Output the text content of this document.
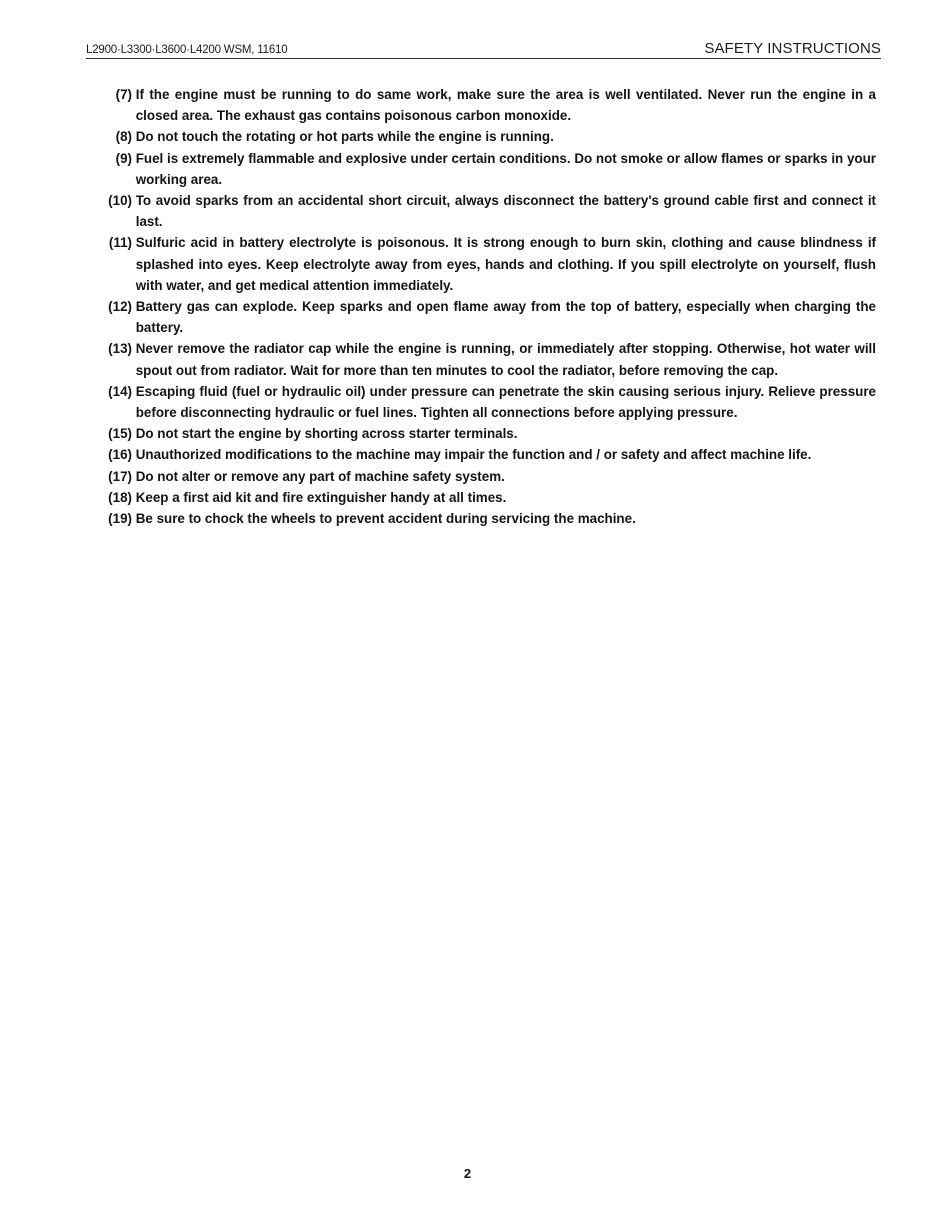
L2900·L3300·L3600·L4200 WSM, 11610	SAFETY INSTRUCTIONS
(7) If the engine must be running to do same work, make sure the area is well ventilated. Never run the engine in a closed area. The exhaust gas contains poisonous carbon monoxide.
(8) Do not touch the rotating or hot parts while the engine is running.
(9) Fuel is extremely flammable and explosive under certain conditions. Do not smoke or allow flames or sparks in your working area.
(10) To avoid sparks from an accidental short circuit, always disconnect the battery's ground cable first and connect it last.
(11) Sulfuric acid in battery electrolyte is poisonous. It is strong enough to burn skin, clothing and cause blindness if splashed into eyes. Keep electrolyte away from eyes, hands and clothing. If you spill electrolyte on yourself, flush with water, and get medical attention immediately.
(12) Battery gas can explode. Keep sparks and open flame away from the top of battery, especially when charging the battery.
(13) Never remove the radiator cap while the engine is running, or immediately after stopping. Otherwise, hot water will spout out from radiator. Wait for more than ten minutes to cool the radiator, before removing the cap.
(14) Escaping fluid (fuel or hydraulic oil) under pressure can penetrate the skin causing serious injury. Relieve pressure before disconnecting hydraulic or fuel lines. Tighten all connections before applying pressure.
(15) Do not start the engine by shorting across starter terminals.
(16) Unauthorized modifications to the machine may impair the function and / or safety and affect machine life.
(17) Do not alter or remove any part of machine safety system.
(18) Keep a first aid kit and fire extinguisher handy at all times.
(19) Be sure to chock the wheels to prevent accident during servicing the machine.
2
